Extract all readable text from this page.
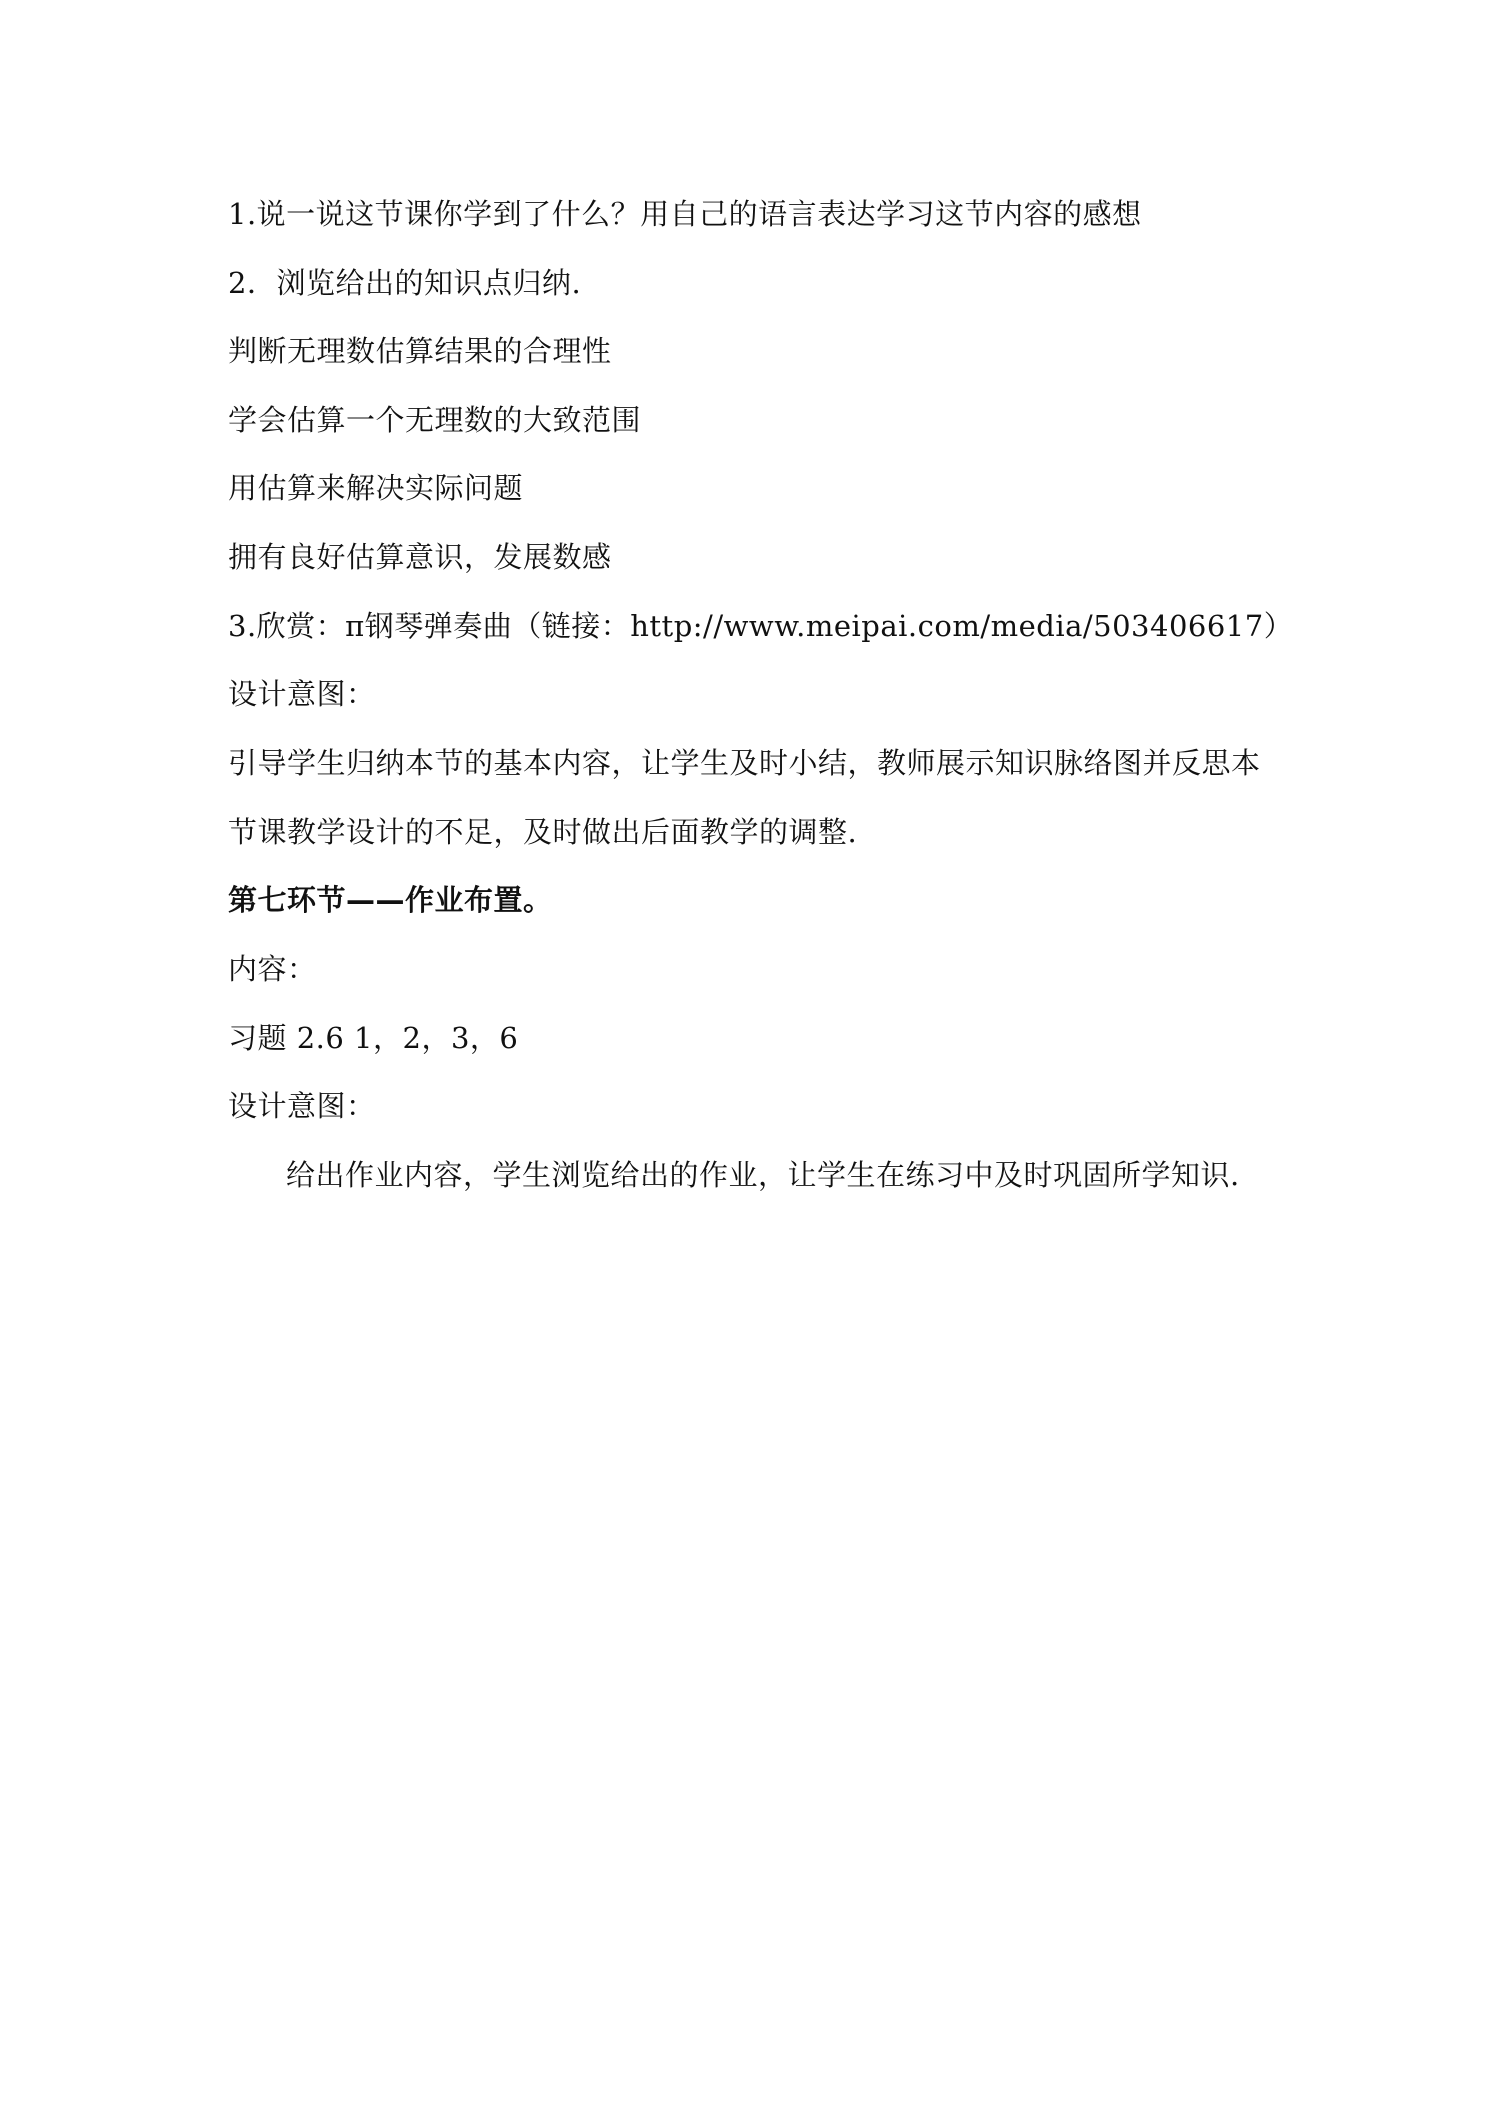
1.说一说这节课你学到了什么？用自己的语言表达学习这节内容的感想
2．浏览给出的知识点归纳.
判断无理数估算结果的合理性
学会估算一个无理数的大致范围
用估算来解决实际问题
拥有良好估算意识，发展数感
3.欣赏：π钢琴弹奏曲（链接：http://www.meipai.com/media/503406617）
设计意图：
引导学生归纳本节的基本内容，让学生及时小结，教师展示知识脉络图并反思本
节课教学设计的不足，及时做出后面教学的调整.
第七环节——作业布置。
内容：
习题 2.6 1，2，3，6
设计意图：
给出作业内容，学生浏览给出的作业，让学生在练习中及时巩固所学知识.
